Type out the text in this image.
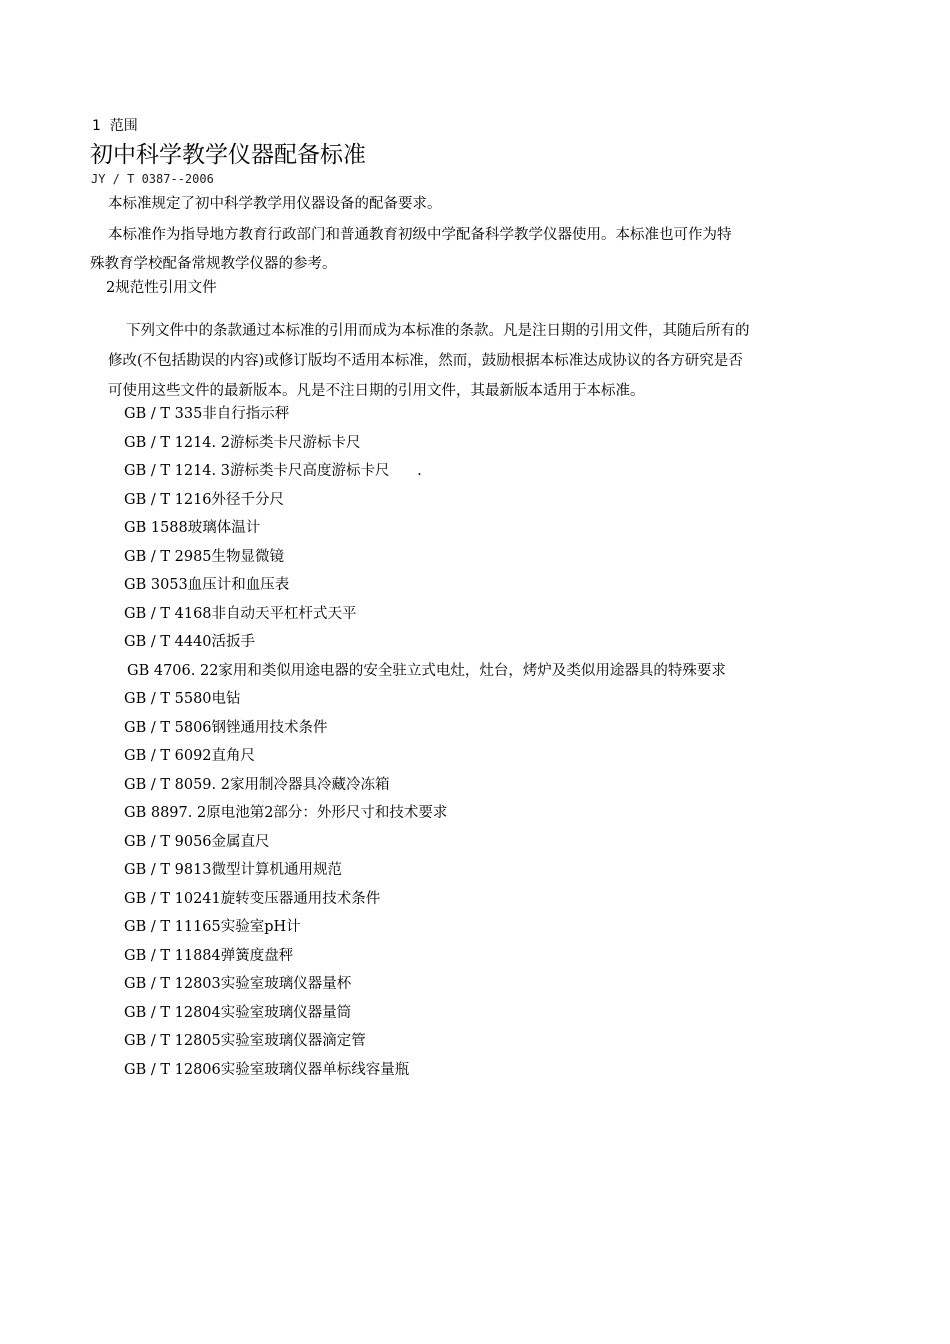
1  范围
初中科学教学仪器配备标准
JY / T 0387--2006
本标准规定了初中科学教学用仪器设备的配备要求。
本标准作为指导地方教育行政部门和普通教育初级中学配备科学教学仪器使用。本标准也可作为特
殊教育学校配备常规教学仪器的参考。
2规范性引用文件
下列文件中的条款通过本标准的引用而成为本标准的条款。凡是注日期的引用文件，其随后所有的
修改(不包括勘误的内容)或修订版均不适用本标准，然而，鼓励根据本标准达成协议的各方研究是否
可使用这些文件的最新版本。凡是不注日期的引用文件，其最新版本适用于本标准。
GB / T 335非自行指示秤
GB / T 1214. 2游标类卡尺游标卡尺
GB / T 1214. 3游标类卡尺高度游标卡尺      .
GB / T 1216外径千分尺
GB 1588玻璃体温计
GB / T 2985生物显微镜
GB 3053血压计和血压表
GB / T 4168非自动天平杠杆式天平
GB / T 4440活扳手
GB 4706. 22家用和类似用途电器的安全驻立式电灶，灶台，烤炉及类似用途器具的特殊要求
GB / T 5580电钻
GB / T 5806钢锉通用技术条件
GB / T 6092直角尺
GB / T 8059. 2家用制冷器具冷藏冷冻箱
GB 8897. 2原电池第2部分：外形尺寸和技术要求
GB / T 9056金属直尺
GB / T 9813微型计算机通用规范
GB / T 10241旋转变压器通用技术条件
GB / T 11165实验室pH计
GB / T 11884弹簧度盘秤
GB / T 12803实验室玻璃仪器量杯
GB / T 12804实验室玻璃仪器量筒
GB / T 12805实验室玻璃仪器滴定管
GB / T 12806实验室玻璃仪器单标线容量瓶
